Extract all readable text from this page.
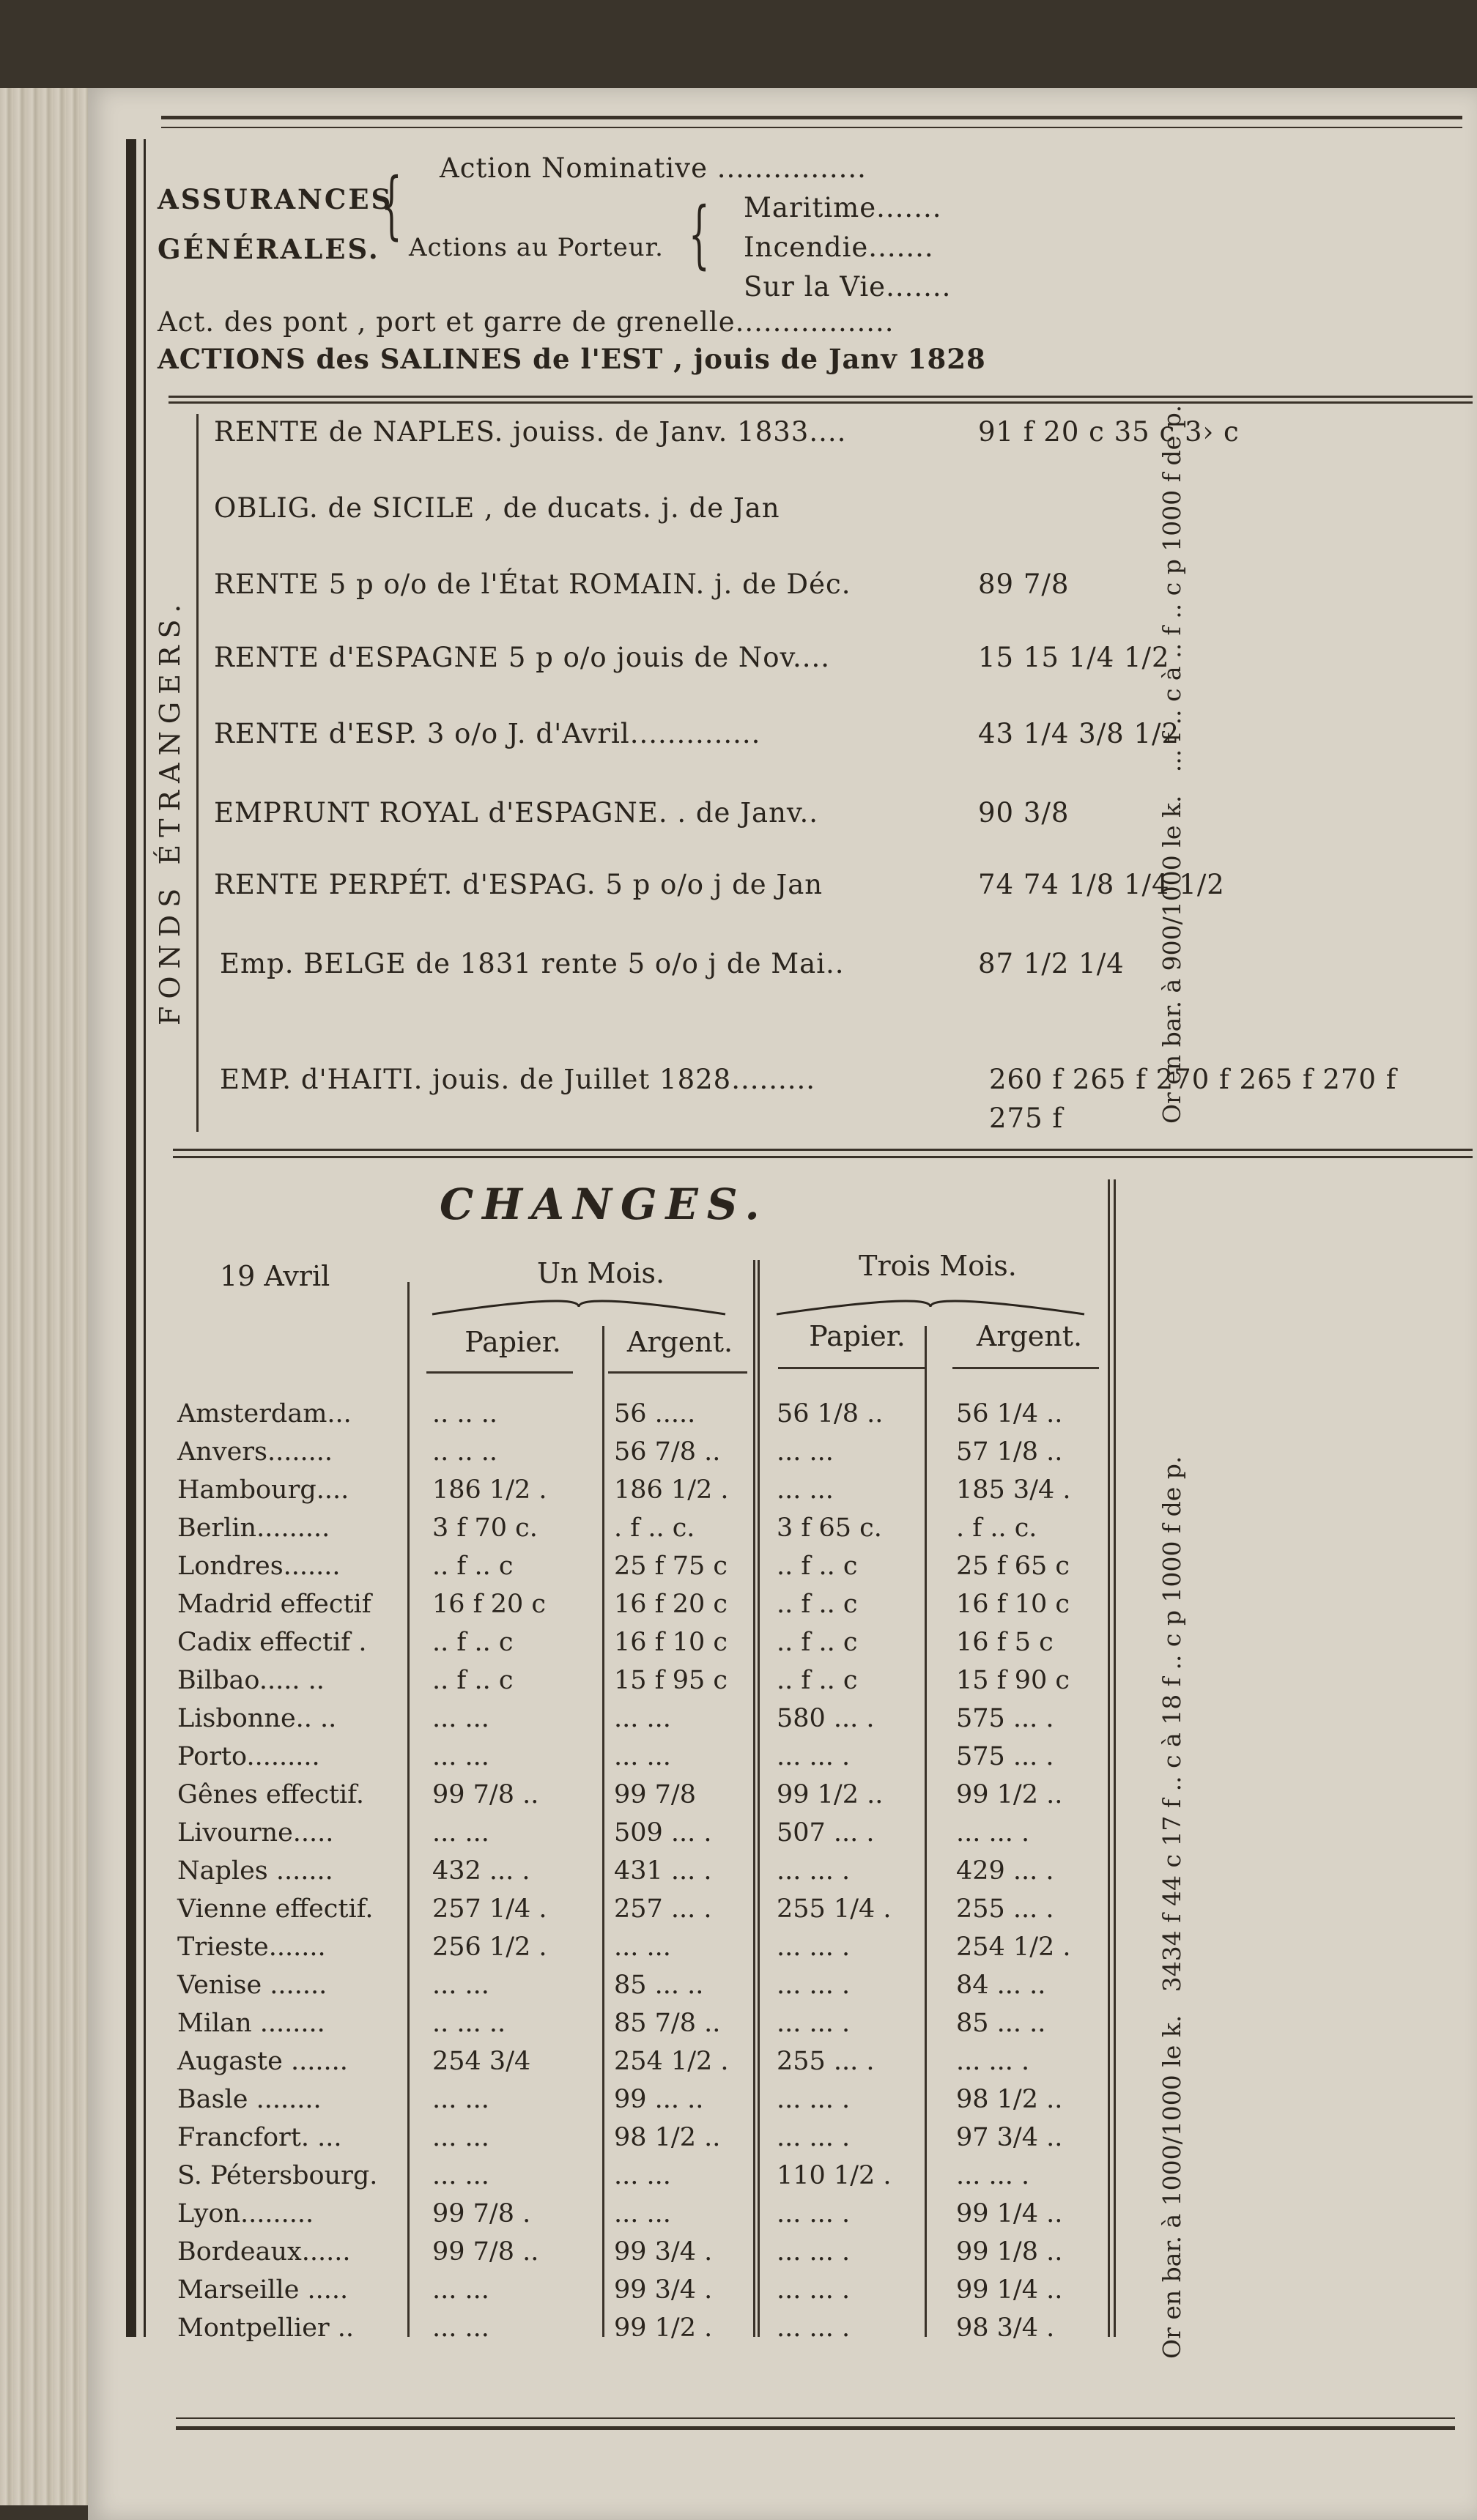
ASSURANCES
GÉNÉRALES.
{ Action Nominative ................
Actions au Porteur. { Maritime.......
Incendie.......
Sur la Vie.......
Act. des pont , port et garre de grenelle.................
ACTIONS des SALINES de l'EST , jouis de Janv 1828
FONDS ÉTRANGERS.
RENTE de NAPLES. jouiss. de Janv. 1833....	91 f 20 c 35 c 3› c
OBLIG. de SICILE , de ducats. j. de Jan
RENTE 5 p o/o de l'État ROMAIN. j. de Déc.	89 7/8
RENTE d'ESPAGNE 5 p o/o jouis de Nov....	15 15 1/4 1/2
RENTE d'ESP. 3 o/o J. d'Avril..............	43 1/4 3/8 1/2
EMPRUNT ROYAL d'ESPAGNE. . de Janv..	90 3/8
RENTE PERPÉT. d'ESPAG. 5 p o/o j de Jan	74 74 1/8 1/4 1/2
Emp. BELGE de 1831 rente 5 o/o j de Mai..	87 1/2 1/4
EMP. d'HAITI. jouis. de Juillet 1828.........	260 f 265 f 270 f 265 f 270 f
275 f
CHANGES.
19 Avril	Un Mois.	Trois Mois.
Papier.	Argent.	Papier.	Argent.
Amsterdam...	.. .. ..	56 .....	56 1/8 ..	56 1/4 ..
Anvers........	.. .. ..	56 7/8 ..	... ...	57 1/8 ..
Hambourg....	186 1/2 .	186 1/2 .	... ...	185 3/4 .
Berlin.........	3 f 70 c.	. f .. c.	3 f 65 c.	. f .. c.
Londres.......	.. f .. c	25 f 75 c	.. f .. c	25 f 65 c
Madrid effectif	16 f 20 c	16 f 20 c	.. f .. c	16 f 10 c
Cadix effectif .	.. f .. c	16 f 10 c	.. f .. c	16 f 5 c
Bilbao..... ..	.. f .. c	15 f 95 c	.. f .. c	15 f 90 c
Lisbonne.. ..	... ...	... ...	580 ... .	575 ... .
Porto.........	... ...	... ...	... ... .	575 ... .
Gênes effectif.	99 7/8 ..	99 7/8	99 1/2 ..	99 1/2 ..
Livourne.....	... ...	509 ... .	507 ... .	... ... .
Naples .......	432 ... .	431 ... .	... ... .	429 ... .
Vienne effectif.	257 1/4 .	257 ... .	255 1/4 .	255 ... .
Trieste.......	256 1/2 .	... ...	... ... .	254 1/2 .
Venise .......	... ...	85 ... ..	... ... .	84 ... ..
Milan ........	.. ... ..	85 7/8 ..	... ... .	85 ... ..
Augaste .......	254 3/4	254 1/2 .	255 ... .	... ... .
Basle ........	... ...	99 ... ..	... ... .	98 1/2 ..
Francfort. ...	... ...	98 1/2 ..	... ... .	97 3/4 ..
S. Pétersbourg.	... ...	... ...	110 1/2 .	... ... .
Lyon.........	99 7/8 .	... ...	... ... .	99 1/4 ..
Bordeaux......	99 7/8 ..	99 3/4 .	... ... .	99 1/8 ..
Marseille .....	... ...	99 3/4 .	... ... .	99 1/4 ..
Montpellier ..	... ...	99 1/2 .	... ... .	98 3/4 .	Or en bar. à 1000/1000 le k.   3434 f 44 c 17 f .. c à 18 f .. c p 1000 f de p.
Or en bar. à 900/1000 le k.   ... f .. c à .. f .. c p 1000 f de p.
